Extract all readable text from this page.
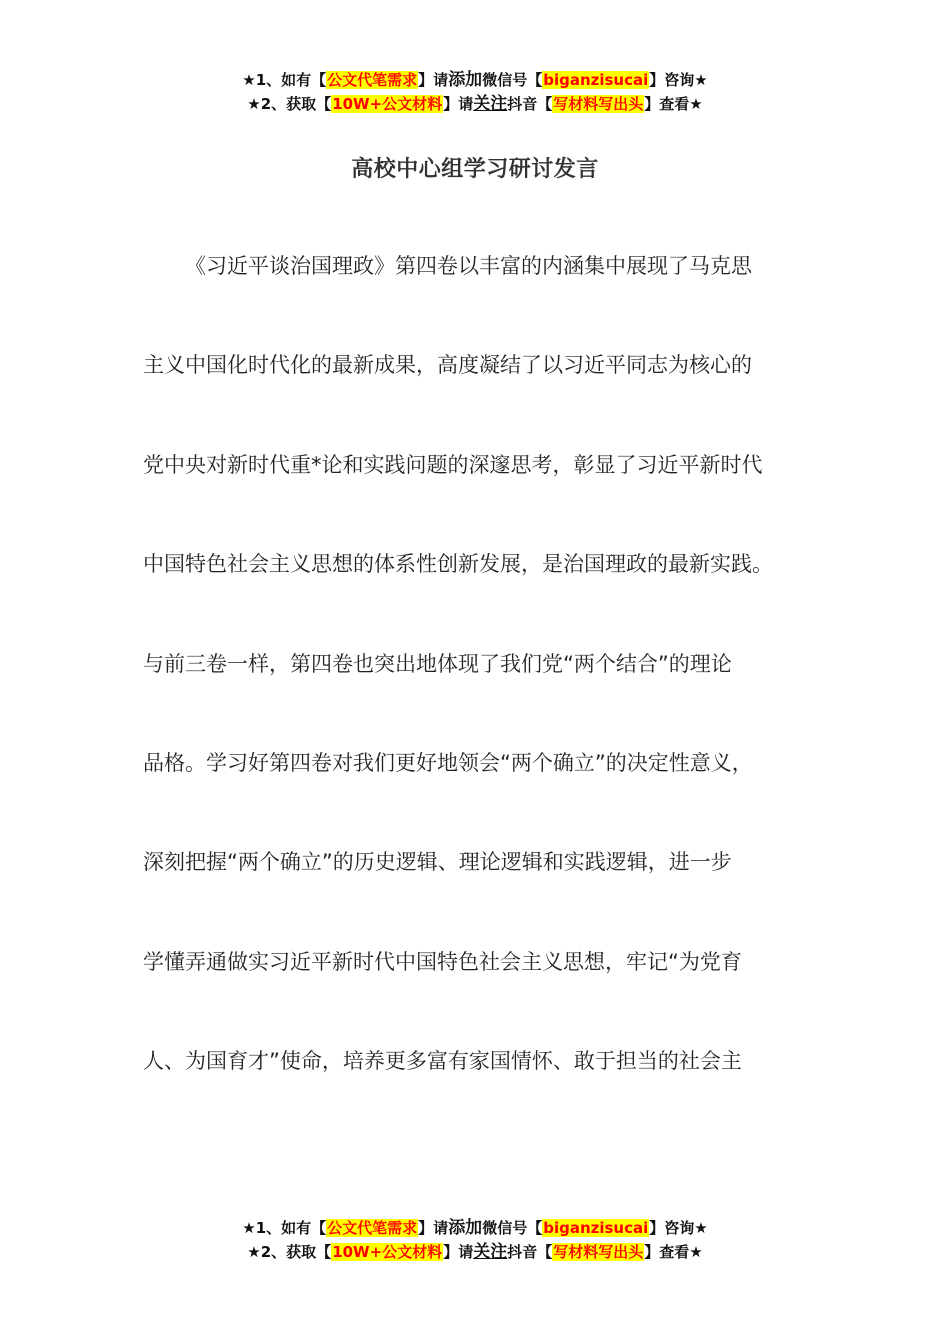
★1、如有【公文代笔需求】请添加微信号【biganzisucai】咨询★
★2、获取【10W+公文材料】请关注抖音【写材料写出头】查看★
高校中心组学习研讨发言
《习近平谈治国理政》第四卷以丰富的内涵集中展现了马克思
主义中国化时代化的最新成果，高度凝结了以习近平同志为核心的
党中央对新时代重*论和实践问题的深邃思考，彰显了习近平新时代
中国特色社会主义思想的体系性创新发展，是治国理政的最新实践。
与前三卷一样，第四卷也突出地体现了我们党“两个结合”的理论
品格。学习好第四卷对我们更好地领会“两个确立”的决定性意义，
深刻把握“两个确立”的历史逻辑、理论逻辑和实践逻辑，进一步
学懂弄通做实习近平新时代中国特色社会主义思想，牢记“为党育
人、为国育才”使命，培养更多富有家国情怀、敢于担当的社会主
★1、如有【公文代笔需求】请添加微信号【biganzisucai】咨询★
★2、获取【10W+公文材料】请关注抖音【写材料写出头】查看★
